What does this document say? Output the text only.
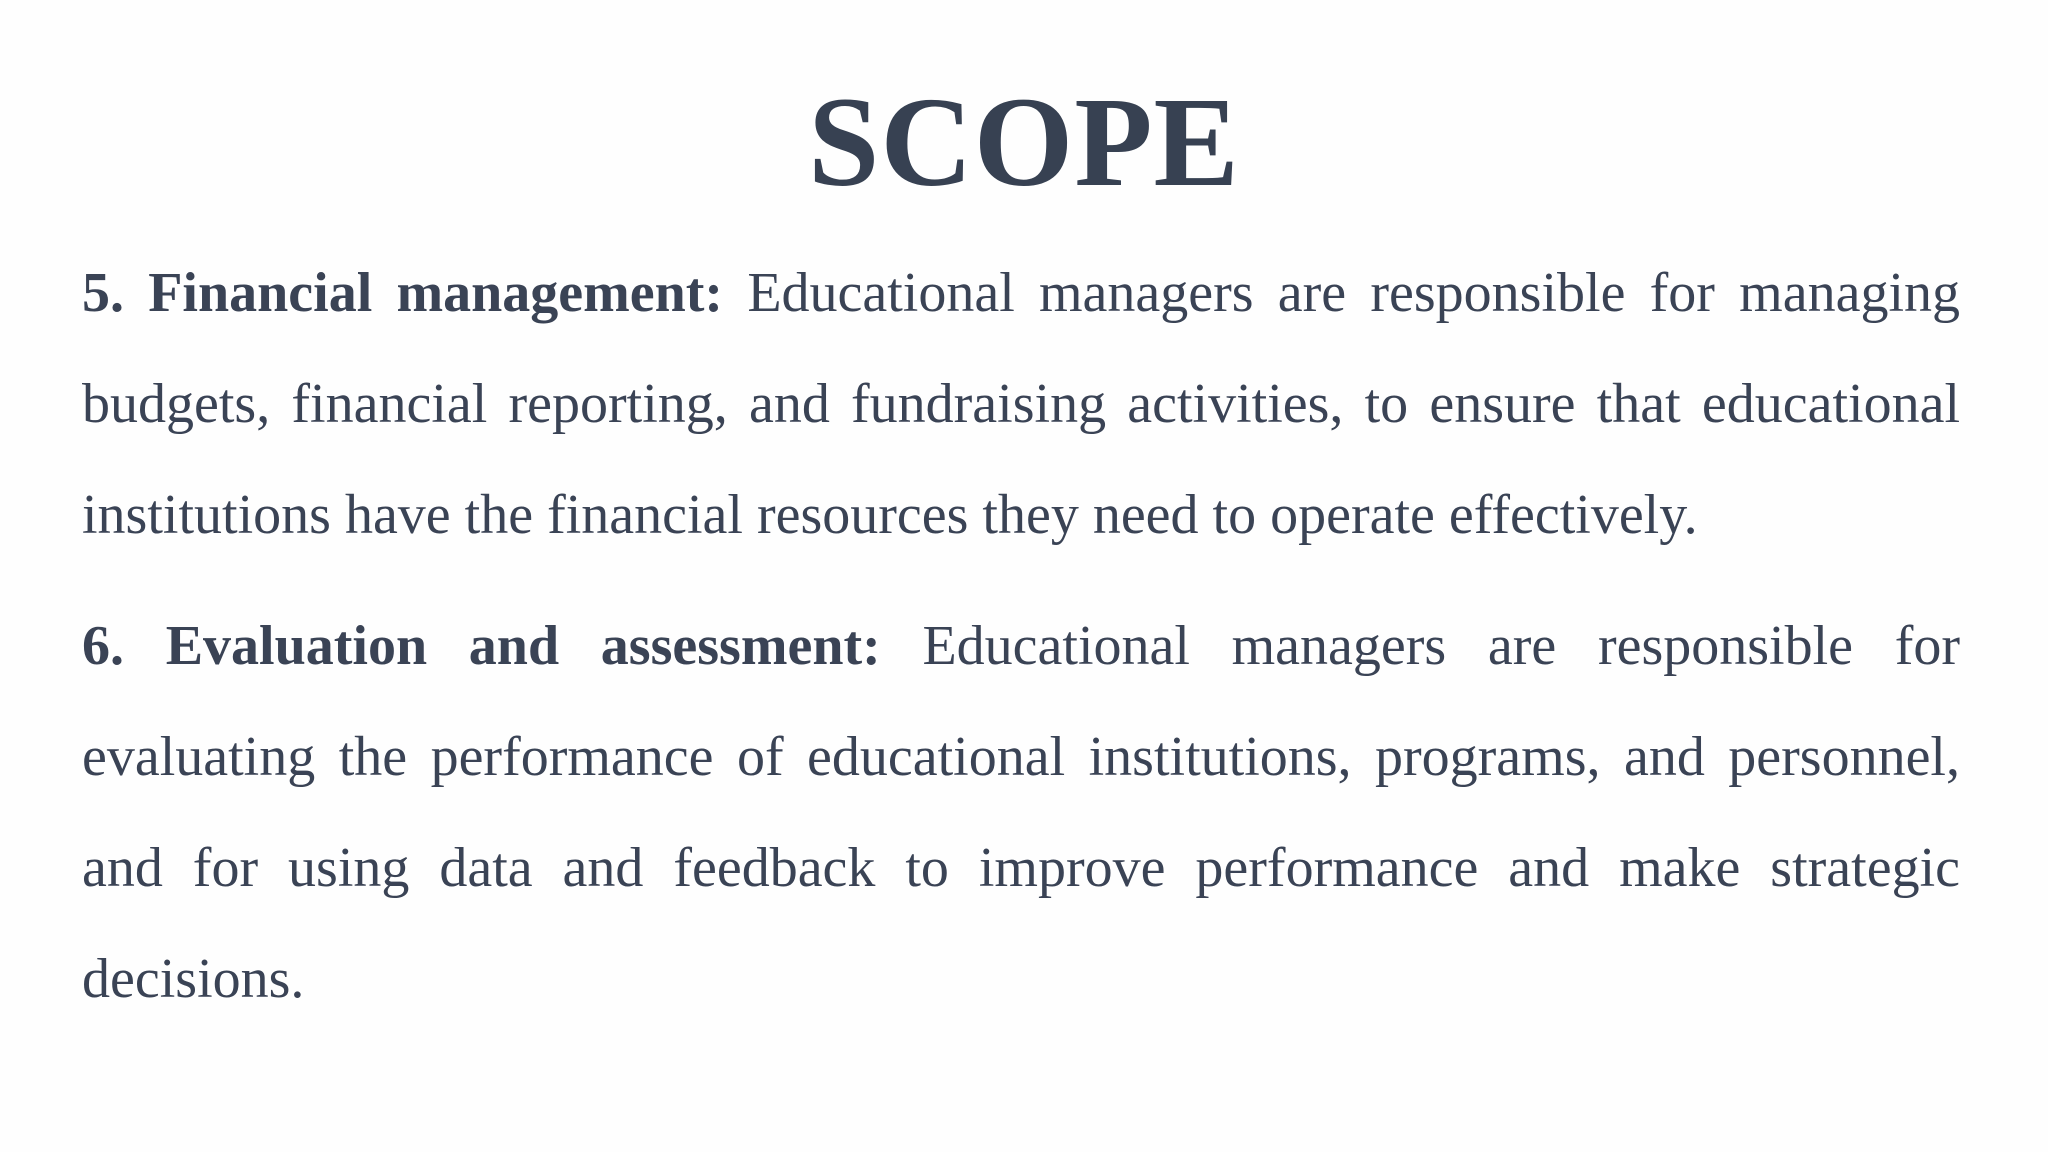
SCOPE

5. Financial management: Educational managers are responsible for managing budgets, financial reporting, and fundraising activities, to ensure that educational institutions have the financial resources they need to operate effectively.

6. Evaluation and assessment: Educational managers are responsible for evaluating the performance of educational institutions, programs, and personnel, and for using data and feedback to improve performance and make strategic decisions.
